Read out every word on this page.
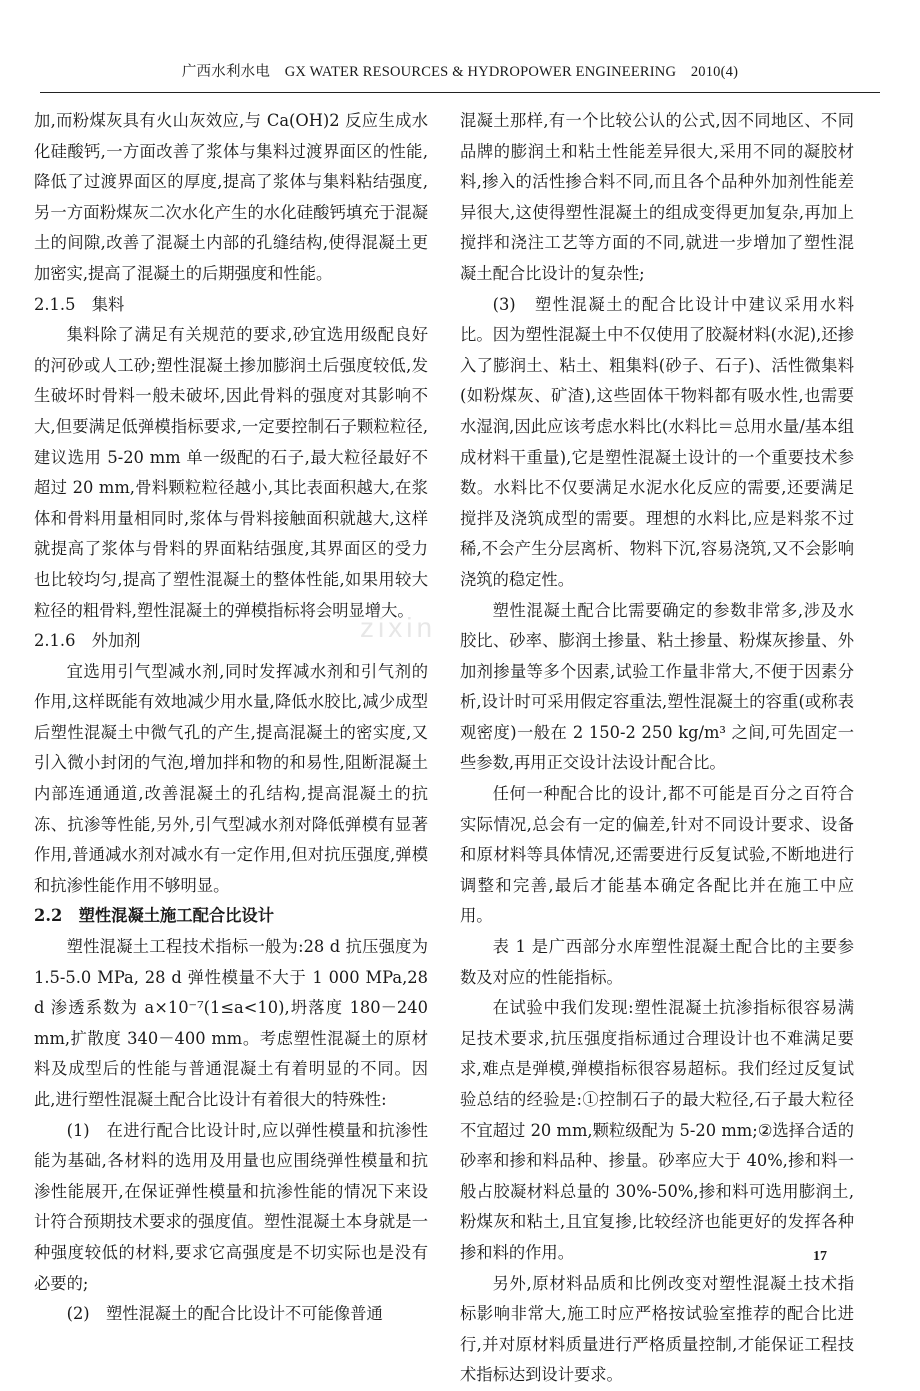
广西水利水电　GX WATER RESOURCES & HYDROPOWER ENGINEERING　2010(4)

加,而粉煤灰具有火山灰效应,与 Ca(OH)2 反应生成水化硅酸钙,一方面改善了浆体与集料过渡界面区的性能,降低了过渡界面区的厚度,提高了浆体与集料粘结强度,另一方面粉煤灰二次水化产生的水化硅酸钙填充于混凝土的间隙,改善了混凝土内部的孔缝结构,使得混凝土更加密实,提高了混凝土的后期强度和性能。

2.1.5　集料

集料除了满足有关规范的要求,砂宜选用级配良好的河砂或人工砂;塑性混凝土掺加膨润土后强度较低,发生破坏时骨料一般未破坏,因此骨料的强度对其影响不大,但要满足低弹模指标要求,一定要控制石子颗粒粒径,建议选用 5-20 mm 单一级配的石子,最大粒径最好不超过 20 mm,骨料颗粒粒径越小,其比表面积越大,在浆体和骨料用量相同时,浆体与骨料接触面积就越大,这样就提高了浆体与骨料的界面粘结强度,其界面区的受力也比较均匀,提高了塑性混凝土的整体性能,如果用较大粒径的粗骨料,塑性混凝土的弹模指标将会明显增大。

2.1.6　外加剂

宜选用引气型减水剂,同时发挥减水剂和引气剂的作用,这样既能有效地减少用水量,降低水胶比,减少成型后塑性混凝土中微气孔的产生,提高混凝土的密实度,又引入微小封闭的气泡,增加拌和物的和易性,阻断混凝土内部连通通道,改善混凝土的孔结构,提高混凝土的抗冻、抗渗等性能,另外,引气型减水剂对降低弹模有显著作用,普通减水剂对减水有一定作用,但对抗压强度,弹模和抗渗性能作用不够明显。

2.2　塑性混凝土施工配合比设计

塑性混凝土工程技术指标一般为:28 d 抗压强度为 1.5-5.0 MPa, 28 d 弹性模量不大于 1 000 MPa,28 d 渗透系数为 a×10⁻⁷(1≤a<10),坍落度 180－240 mm,扩散度 340－400 mm。考虑塑性混凝土的原材料及成型后的性能与普通混凝土有着明显的不同。因此,进行塑性混凝土配合比设计有着很大的特殊性:

(1)　在进行配合比设计时,应以弹性模量和抗渗性能为基础,各材料的选用及用量也应围绕弹性模量和抗渗性能展开,在保证弹性模量和抗渗性能的情况下来设计符合预期技术要求的强度值。塑性混凝土本身就是一种强度较低的材料,要求它高强度是不切实际也是没有必要的;

(2)　塑性混凝土的配合比设计不可能像普通

混凝土那样,有一个比较公认的公式,因不同地区、不同品牌的膨润土和粘土性能差异很大,采用不同的凝胶材料,掺入的活性掺合料不同,而且各个品种外加剂性能差异很大,这使得塑性混凝土的组成变得更加复杂,再加上搅拌和浇注工艺等方面的不同,就进一步增加了塑性混凝土配合比设计的复杂性;

(3)　塑性混凝土的配合比设计中建议采用水料比。因为塑性混凝土中不仅使用了胶凝材料(水泥),还掺入了膨润土、粘土、粗集料(砂子、石子)、活性微集料(如粉煤灰、矿渣),这些固体干物料都有吸水性,也需要水湿润,因此应该考虑水料比(水料比＝总用水量/基本组成材料干重量),它是塑性混凝土设计的一个重要技术参数。水料比不仅要满足水泥水化反应的需要,还要满足搅拌及浇筑成型的需要。理想的水料比,应是料浆不过稀,不会产生分层离析、物料下沉,容易浇筑,又不会影响浇筑的稳定性。

塑性混凝土配合比需要确定的参数非常多,涉及水胶比、砂率、膨润土掺量、粘土掺量、粉煤灰掺量、外加剂掺量等多个因素,试验工作量非常大,不便于因素分析,设计时可采用假定容重法,塑性混凝土的容重(或称表观密度)一般在 2 150-2 250 kg/m³ 之间,可先固定一些参数,再用正交设计法设计配合比。

任何一种配合比的设计,都不可能是百分之百符合实际情况,总会有一定的偏差,针对不同设计要求、设备和原材料等具体情况,还需要进行反复试验,不断地进行调整和完善,最后才能基本确定各配比并在施工中应用。

表 1 是广西部分水库塑性混凝土配合比的主要参数及对应的性能指标。

在试验中我们发现:塑性混凝土抗渗指标很容易满足技术要求,抗压强度指标通过合理设计也不难满足要求,难点是弹模,弹模指标很容易超标。我们经过反复试验总结的经验是:①控制石子的最大粒径,石子最大粒径不宜超过 20 mm,颗粒级配为 5-20 mm;②选择合适的砂率和掺和料品种、掺量。砂率应大于 40%,掺和料一般占胶凝材料总量的 30%-50%,掺和料可选用膨润土,粉煤灰和粘土,且宜复掺,比较经济也能更好的发挥各种掺和料的作用。

另外,原材料品质和比例改变对塑性混凝土技术指标影响非常大,施工时应严格按试验室推荐的配合比进行,并对原材料质量进行严格质量控制,才能保证工程技术指标达到设计要求。

zixin
17
